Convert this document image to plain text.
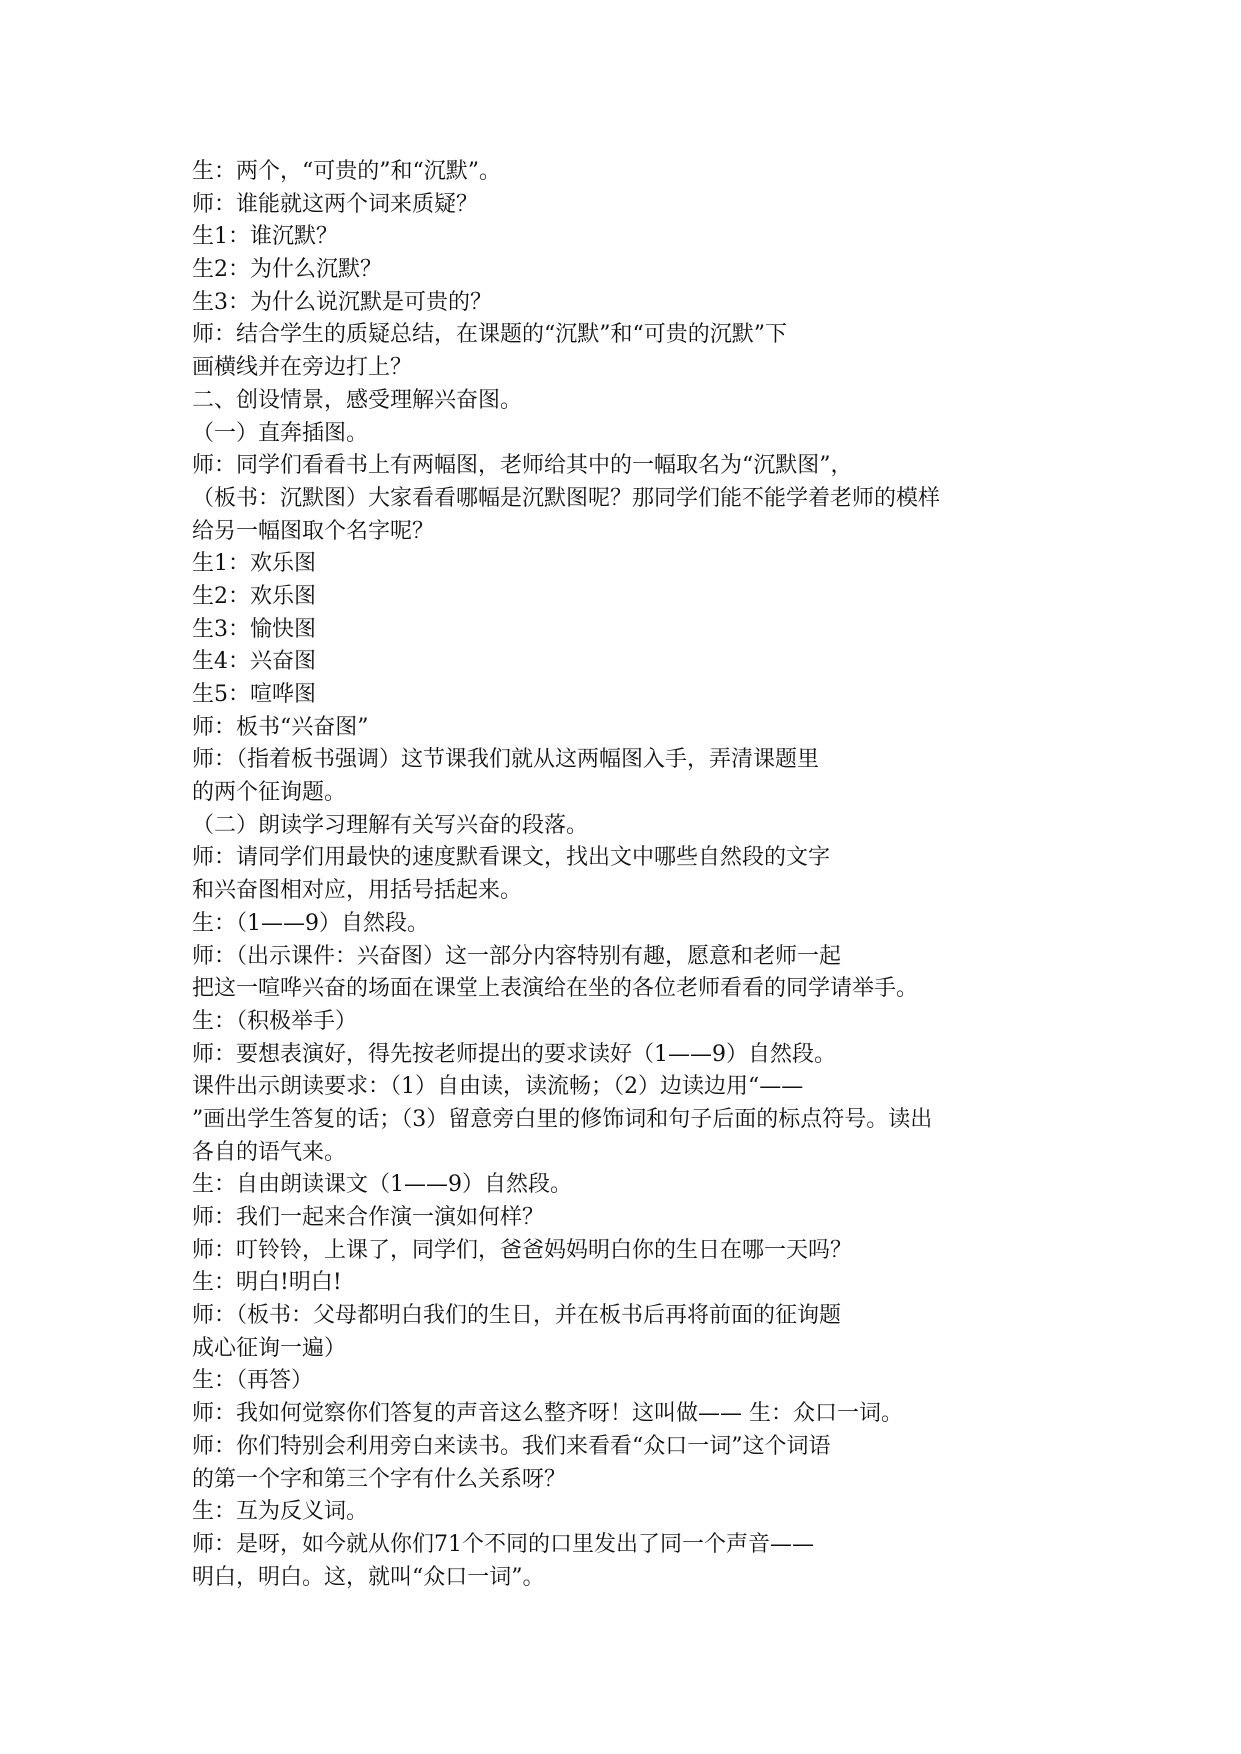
生：两个，“可贵的”和“沉默”。

师：谁能就这两个词来质疑？

生1：谁沉默？

生2：为什么沉默？

生3：为什么说沉默是可贵的？

师：结合学生的质疑总结，在课题的“沉默”和“可贵的沉默”下

画横线并在旁边打上？

二、创设情景，感受理解兴奋图。

（一）直奔插图。

师：同学们看看书上有两幅图，老师给其中的一幅取名为“沉默图”，

（板书：沉默图）大家看看哪幅是沉默图呢？那同学们能不能学着老师的模样

给另一幅图取个名字呢？

生1：欢乐图

生2：欢乐图

生3：愉快图

生4：兴奋图

生5：喧哗图

师：板书“兴奋图”

师：（指着板书强调）这节课我们就从这两幅图入手，弄清课题里

的两个征询题。

（二）朗读学习理解有关写兴奋的段落。

师：请同学们用最快的速度默看课文，找出文中哪些自然段的文字

和兴奋图相对应，用括号括起来。

生：（1——9）自然段。

师：（出示课件：兴奋图）这一部分内容特别有趣，愿意和老师一起

把这一喧哗兴奋的场面在课堂上表演给在坐的各位老师看看的同学请举手。

生：（积极举手）

师：要想表演好，得先按老师提出的要求读好（1——9）自然段。

课件出示朗读要求：（1）自由读，读流畅；（2）边读边用“——

”画出学生答复的话；（3）留意旁白里的修饰词和句子后面的标点符号。读出

各自的语气来。

生：自由朗读课文（1——9）自然段。

师：我们一起来合作演一演如何样？

师：叮铃铃，上课了，同学们，爸爸妈妈明白你的生日在哪一天吗？

生：明白!明白!

师：（板书：父母都明白我们的生日，并在板书后再将前面的征询题

成心征询一遍）

生：（再答）

师：我如何觉察你们答复的声音这么整齐呀！这叫做—— 生：众口一词。

师：你们特别会利用旁白来读书。我们来看看“众口一词”这个词语

的第一个字和第三个字有什么关系呀？

生：互为反义词。

师：是呀，如今就从你们71个不同的口里发出了同一个声音——

明白，明白。这，就叫“众口一词”。
